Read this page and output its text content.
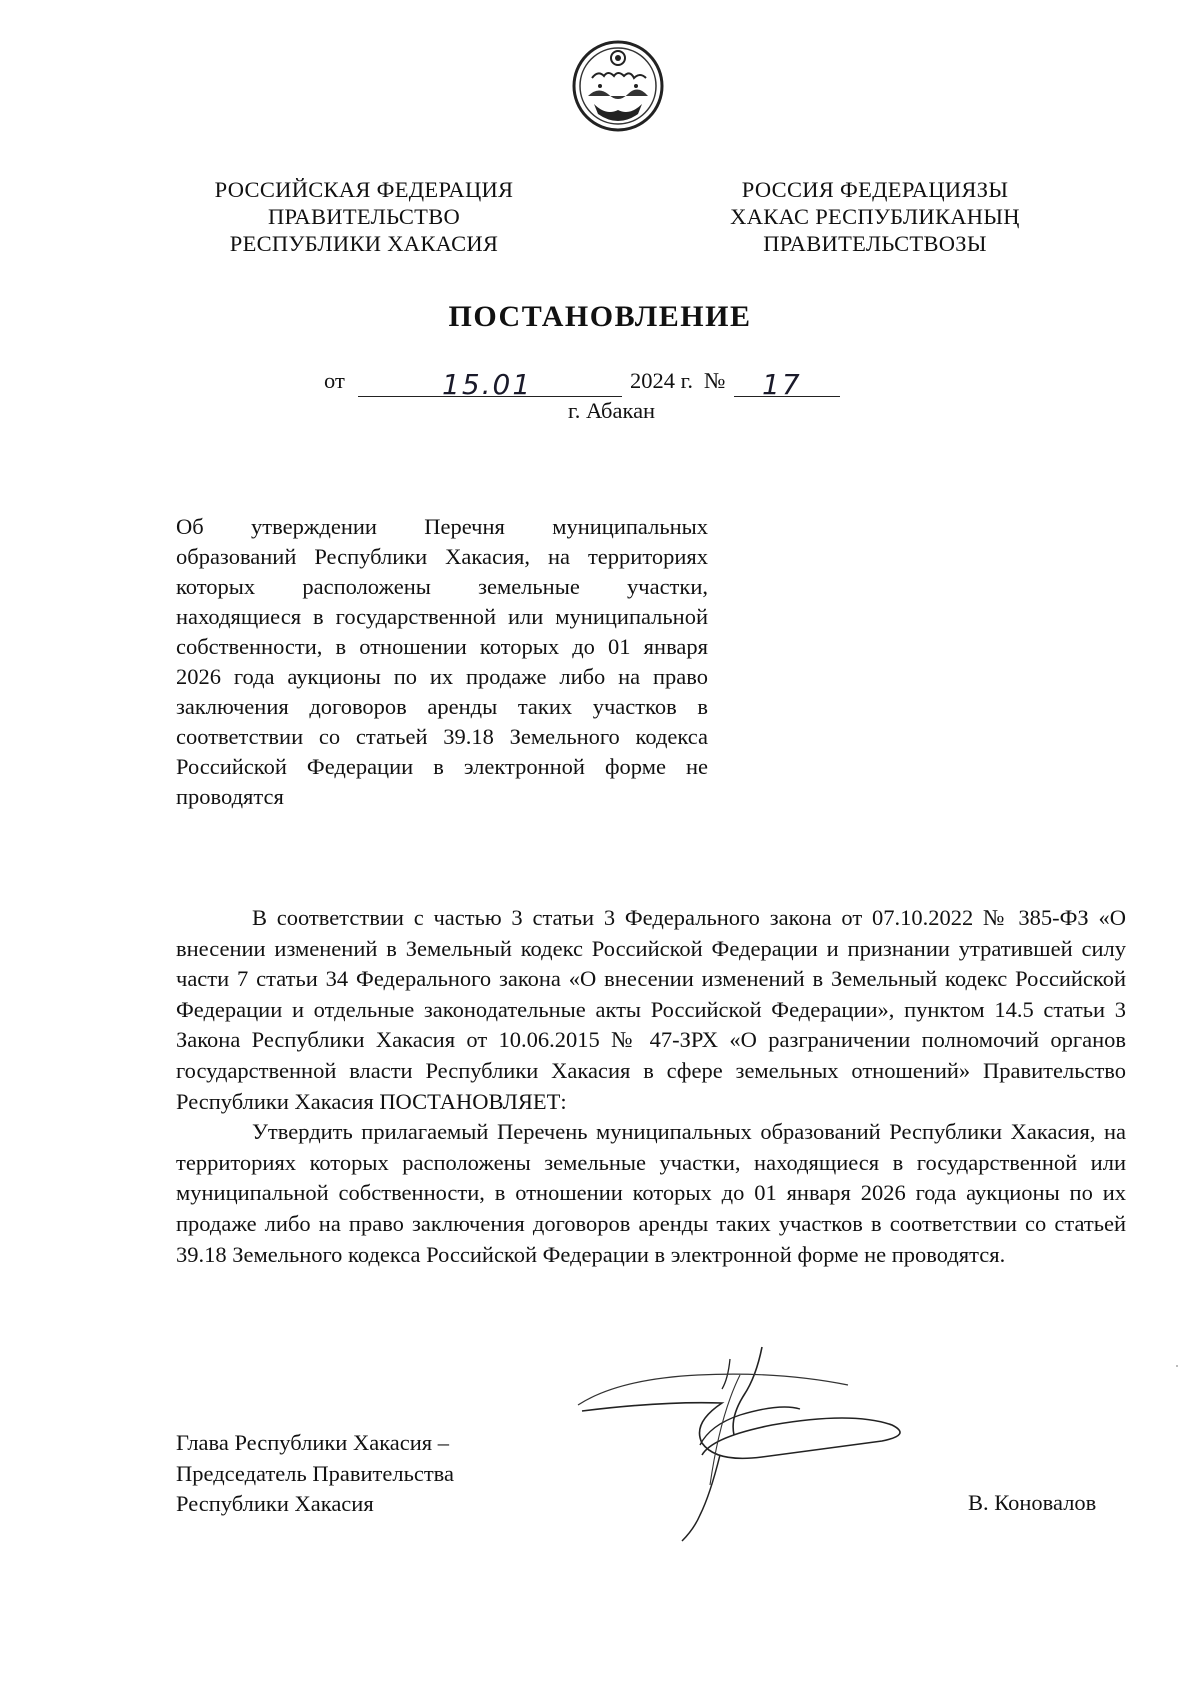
РОССИЙСКАЯ ФЕДЕРАЦИЯ
ПРАВИТЕЛЬСТВО
РЕСПУБЛИКИ ХАКАСИЯ
РОССИЯ ФЕДЕРАЦИЯЗЫ
ХАКАС РЕСПУБЛИКАНЫҢ
ПРАВИТЕЛЬСТВОЗЫ
ПОСТАНОВЛЕНИЕ
от	15.01	2024 г. № 17
г. Абакан
Об утверждении Перечня муниципальных образований Республики Хакасия, на территориях которых расположены земельные участки, находящиеся в государственной или муниципальной собственности, в отношении которых до 01 января 2026 года аукционы по их продаже либо на право заключения договоров аренды таких участков в соответствии со статьей 39.18 Земельного кодекса Российской Федерации в электронной форме не проводятся

В соответствии с частью 3 статьи 3 Федерального закона от 07.10.2022 № 385-ФЗ «О внесении изменений в Земельный кодекс Российской Федерации и признании утратившей силу части 7 статьи 34 Федерального закона «О внесении изменений в Земельный кодекс Российской Федерации и отдельные законодательные акты Российской Федерации», пунктом 14.5 статьи 3 Закона Республики Хакасия от 10.06.2015 № 47-ЗРХ «О разграничении полномочий органов государственной власти Республики Хакасия в сфере земельных отношений» Правительство Республики Хакасия ПОСТАНОВЛЯЕТ:

Утвердить прилагаемый Перечень муниципальных образований Республики Хакасия, на территориях которых расположены земельные участки, находящиеся в государственной или муниципальной собственности, в отношении которых до 01 января 2026 года аукционы по их продаже либо на право заключения договоров аренды таких участков в соответствии со статьей 39.18 Земельного кодекса Российской Федерации в электронной форме не проводятся.

Глава Республики Хакасия –
Председатель Правительства
Республики Хакасия	В. Коновалов
